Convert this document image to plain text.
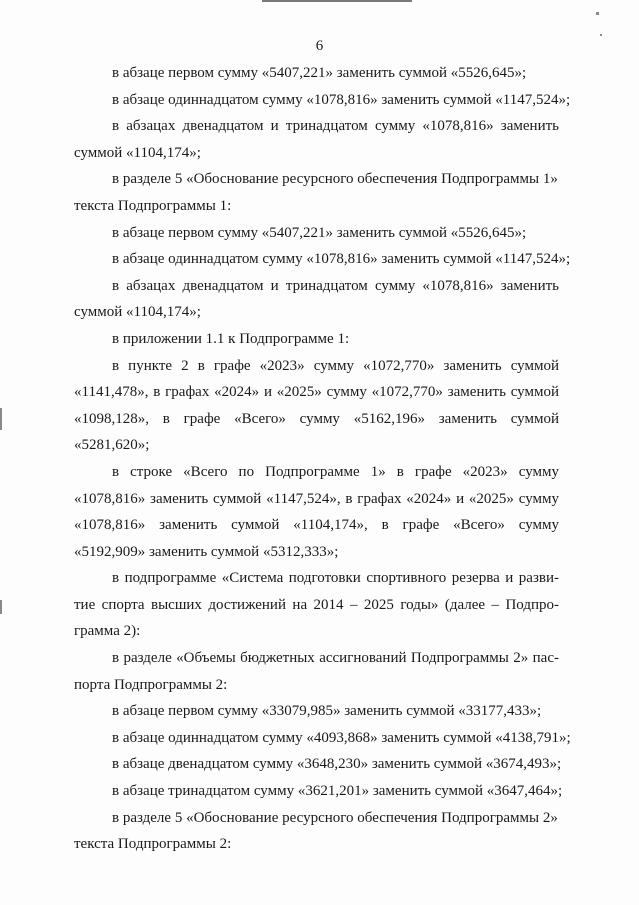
6
в абзаце первом сумму «5407,221» заменить суммой «5526,645»;
в абзаце одиннадцатом сумму «1078,816» заменить суммой «1147,524»;
в абзацах двенадцатом и тринадцатом сумму «1078,816» заменить
суммой «1104,174»;
в разделе 5 «Обоснование ресурсного обеспечения Подпрограммы 1»
текста Подпрограммы 1:
в абзаце первом сумму «5407,221» заменить суммой «5526,645»;
в абзаце одиннадцатом сумму «1078,816» заменить суммой «1147,524»;
в абзацах двенадцатом и тринадцатом сумму «1078,816» заменить
суммой «1104,174»;
в приложении 1.1 к Подпрограмме 1:
в пункте 2 в графе «2023» сумму «1072,770» заменить суммой
«1141,478», в графах «2024» и «2025» сумму «1072,770» заменить суммой
«1098,128», в графе «Всего» сумму «5162,196» заменить суммой
«5281,620»;
в строке «Всего по Подпрограмме 1» в графе «2023» сумму
«1078,816» заменить суммой «1147,524», в графах «2024» и «2025» сумму
«1078,816» заменить суммой «1104,174», в графе «Всего» сумму
«5192,909» заменить суммой «5312,333»;
в подпрограмме «Система подготовки спортивного резерва и разви-
тие спорта высших достижений на 2014 – 2025 годы» (далее – Подпро-
грамма 2):
в разделе «Объемы бюджетных ассигнований Подпрограммы 2» пас-
порта Подпрограммы 2:
в абзаце первом сумму «33079,985» заменить суммой «33177,433»;
в абзаце одиннадцатом сумму «4093,868» заменить суммой «4138,791»;
в абзаце двенадцатом сумму «3648,230» заменить суммой «3674,493»;
в абзаце тринадцатом сумму «3621,201» заменить суммой «3647,464»;
в разделе 5 «Обоснование ресурсного обеспечения Подпрограммы 2»
текста Подпрограммы 2:
